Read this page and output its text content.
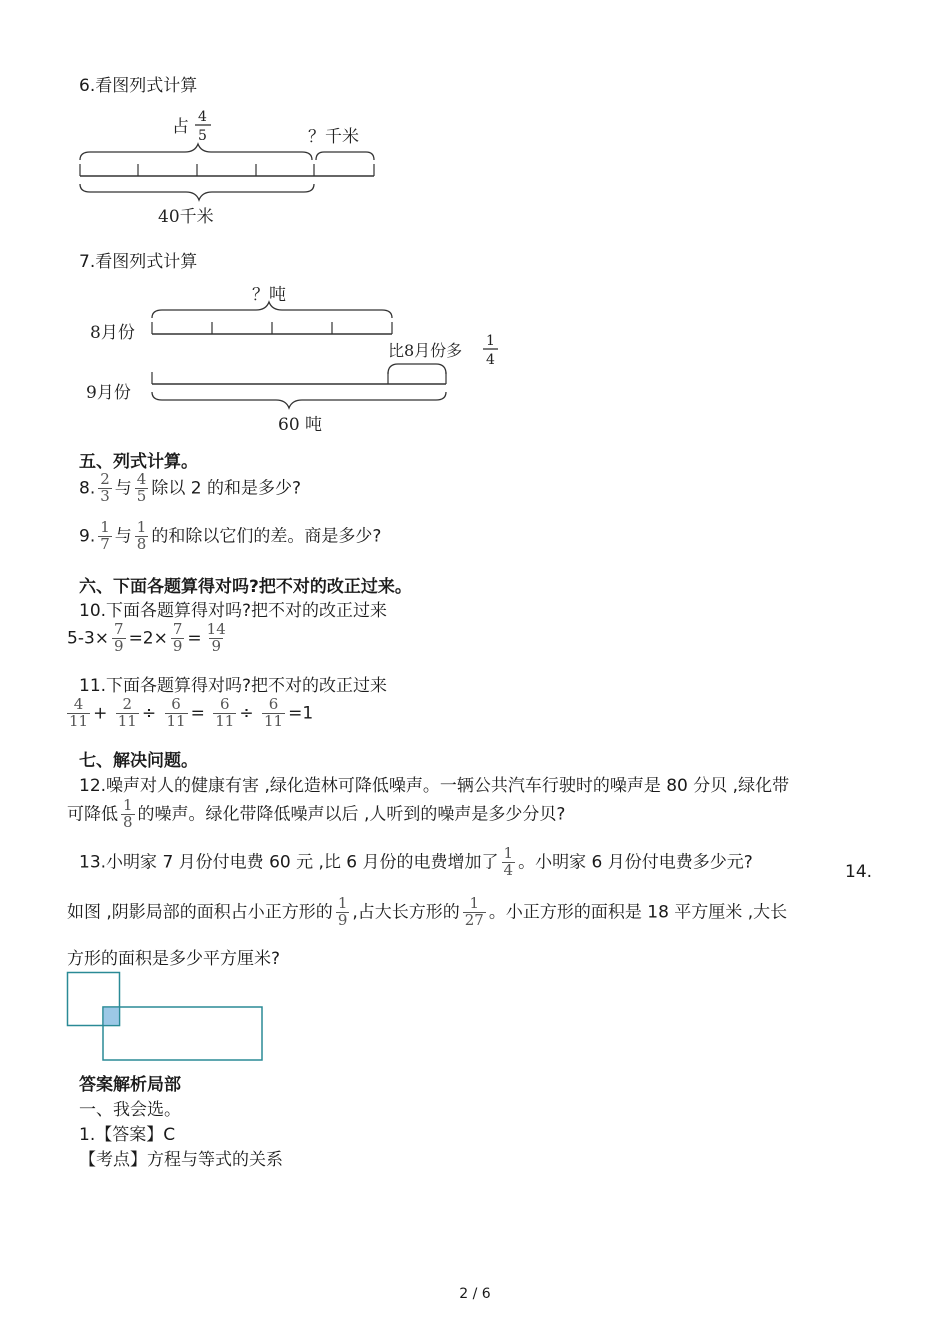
6.看图列式计算
占 4
5	？千米
40千米
7.看图列式计算
？吨
8月份
比8月份多 1
4
9月份
60 吨
五、列式计算。
8. $\frac{2}{3}$ 与 $\frac{4}{5}$ 除以 2 的和是多少?
9. $\frac{1}{7}$ 与 $\frac{1}{8}$ 的和除以它们的差。商是多少?
六、下面各题算得对吗?把不对的改正过来。
10.下面各题算得对吗?把不对的改正过来
$5-3\times \frac{7}{9} =2\times \frac{7}{9} = \frac{14}{9}$
11.下面各题算得对吗?把不对的改正过来
$\frac{4}{11} + \frac{2}{11} \div \frac{6}{11} = \frac{6}{11} \div \frac{6}{11} =1$
七、解决问题。
12.噪声对人的健康有害 ,绿化造林可降低噪声。一辆公共汽车行驶时的噪声是 80 分贝 ,绿化带
可降低 $\frac{1}{8}$ 的噪声。绿化带降低噪声以后 ,人听到的噪声是多少分贝?
13.小明家 7 月份付电费 60 元 ,比 6 月份的电费增加了 $\frac{1}{4}$ 。小明家 6 月份付电费多少元?	14.
如图 ,阴影局部的面积占小正方形的 $\frac{1}{9}$ ,占大长方形的 $\frac{1}{27}$ 。小正方形的面积是 18 平方厘米 ,大长
方形的面积是多少平方厘米?
答案解析局部
一、我会选。
1.【答案】C
【考点】方程与等式的关系
2 / 6
